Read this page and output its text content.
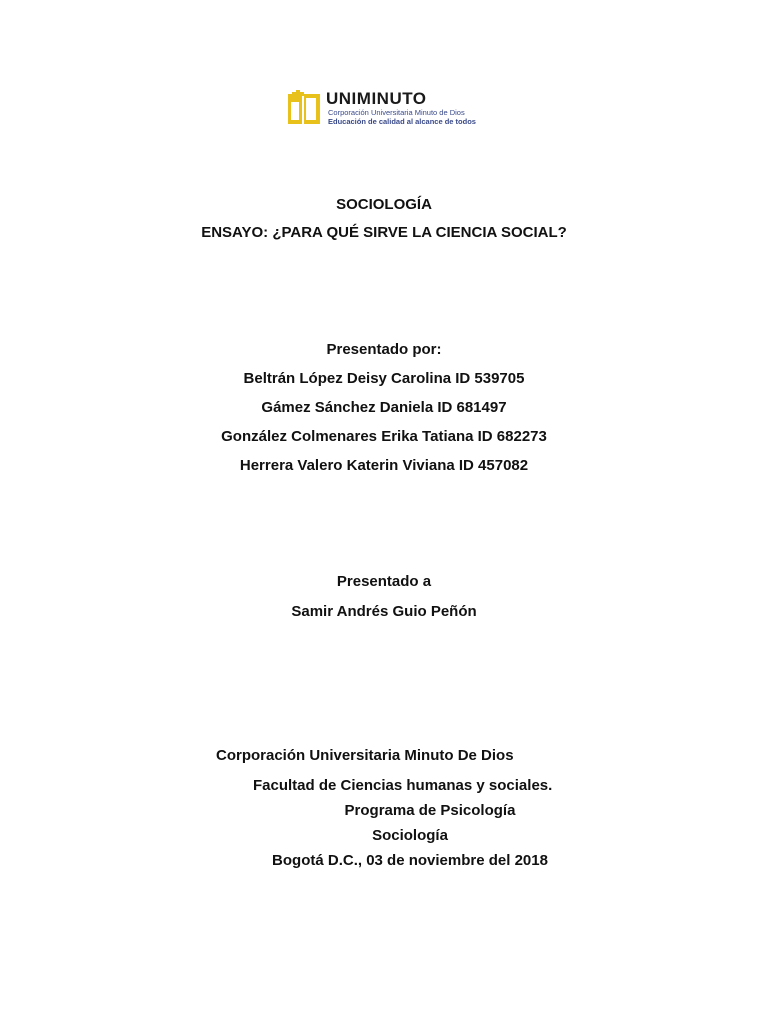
UNIMINUTO
Corporación Universitaria Minuto de Dios
Educación de calidad al alcance de todos
SOCIOLOGÍA
ENSAYO: ¿PARA QUÉ SIRVE LA CIENCIA SOCIAL?
Presentado por:
Beltrán López Deisy Carolina ID 539705
Gámez Sánchez Daniela ID 681497
González Colmenares Erika Tatiana ID 682273
Herrera Valero Katerin Viviana ID 457082
Presentado a
Samir Andrés Guio Peñón
Corporación Universitaria Minuto De Dios
Facultad de Ciencias humanas y sociales.
Programa de Psicología
Sociología
Bogotá D.C., 03 de noviembre del 2018
